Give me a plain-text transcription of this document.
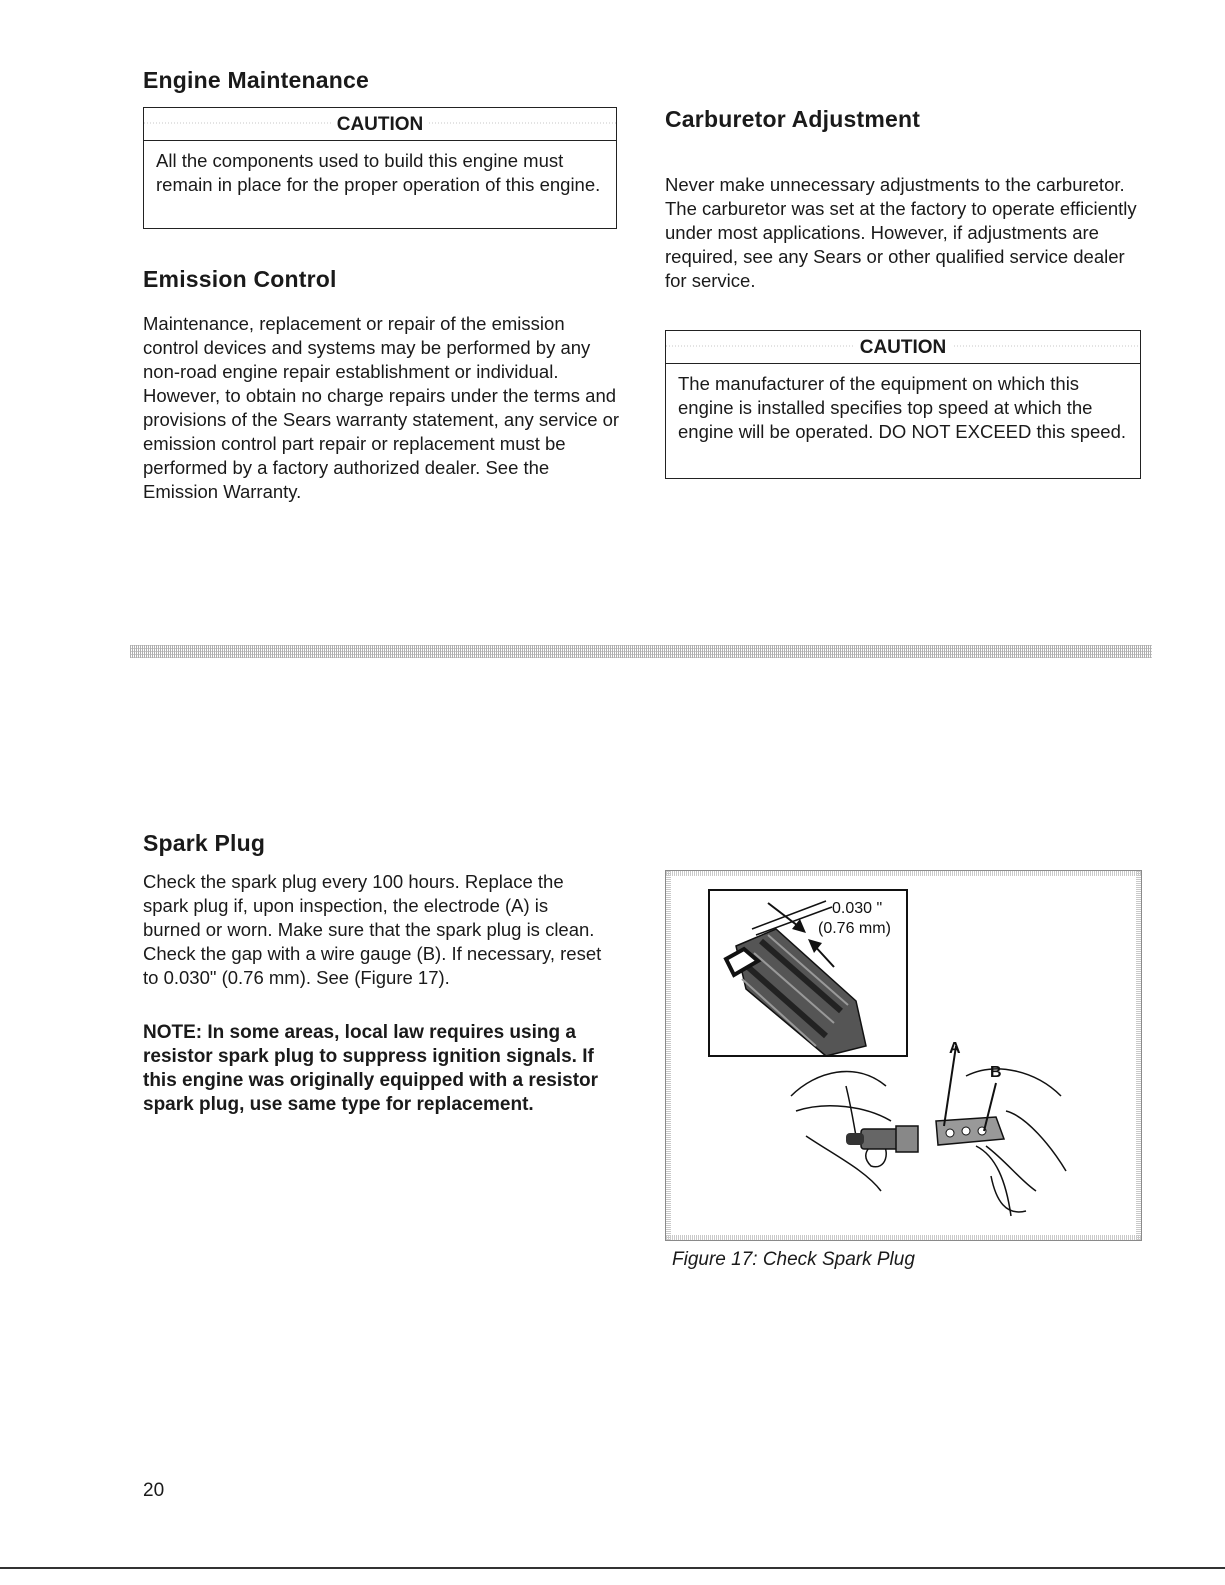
Engine Maintenance
CAUTION

All the components used to build this engine must remain in place for the proper operation of this engine.

Emission Control

Maintenance, replacement or repair of the emission control devices and systems may be performed by any non-road engine repair establishment or individual. However, to obtain no charge repairs under the terms and provisions of the Sears warranty statement, any service or emission control part repair or replacement must be performed by a factory authorized dealer. See the Emission Warranty.

Carburetor Adjustment

Never make unnecessary adjustments to the carburetor. The carburetor was set at the factory to operate efficiently under most applications. However, if adjustments are required, see any Sears or other qualified service dealer for service.

CAUTION

The manufacturer of the equipment on which this engine is installed specifies top speed at which the engine will be operated. DO NOT EXCEED this speed.

Spark Plug

Check the spark plug every 100 hours. Replace the spark plug if, upon inspection, the electrode (A) is burned or worn. Make sure that the spark plug is clean. Check the gap with a wire gauge (B). If necessary, reset to 0.030" (0.76 mm). See (Figure 17).

NOTE: In some areas, local law requires using a resistor spark plug to suppress ignition signals. If this engine was originally equipped with a resistor spark plug, use same type for replacement.

0.030 "
(0.76 mm)
A
B
Figure 17: Check Spark Plug
20
